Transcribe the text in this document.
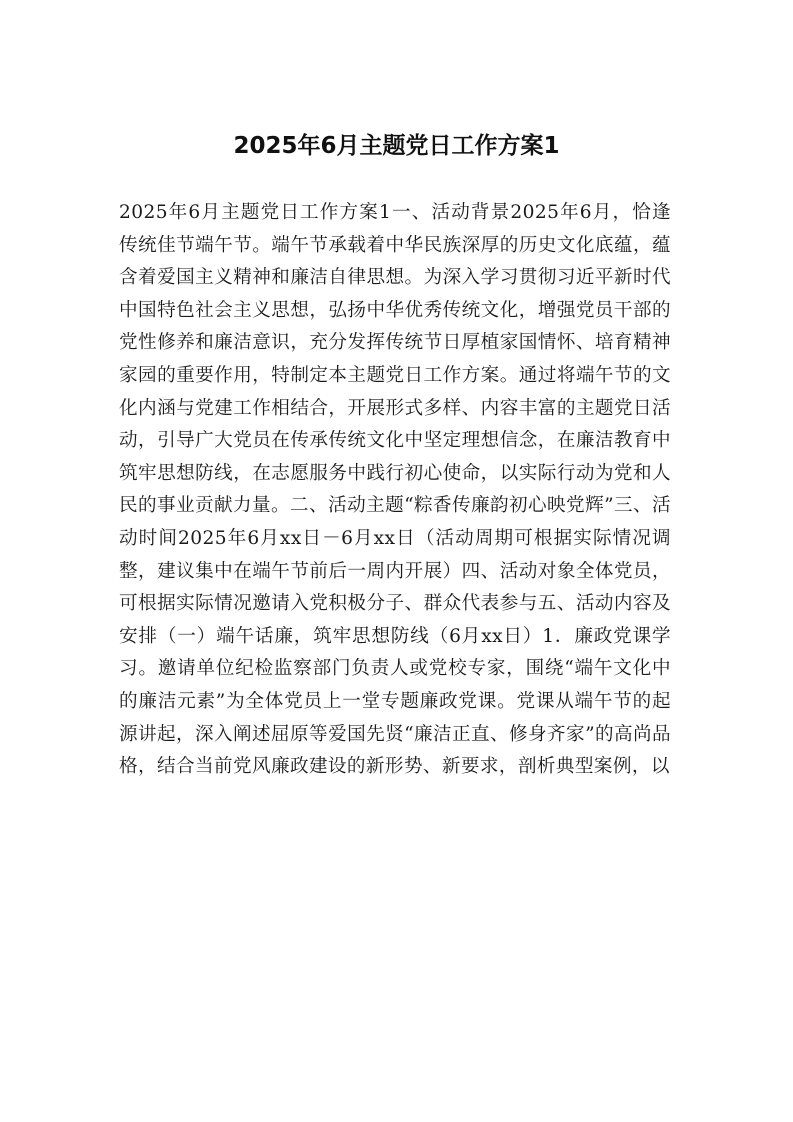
2025年6月主题党日工作方案1

2025年6月主题党日工作方案1一、活动背景2025年6月，恰逢传统佳节端午节。端午节承载着中华民族深厚的历史文化底蕴，蕴含着爱国主义精神和廉洁自律思想。为深入学习贯彻习近平新时代中国特色社会主义思想，弘扬中华优秀传统文化，增强党员干部的党性修养和廉洁意识，充分发挥传统节日厚植家国情怀、培育精神家园的重要作用，特制定本主题党日工作方案。通过将端午节的文化内涵与党建工作相结合，开展形式多样、内容丰富的主题党日活动，引导广大党员在传承传统文化中坚定理想信念，在廉洁教育中筑牢思想防线，在志愿服务中践行初心使命，以实际行动为党和人民的事业贡献力量。二、活动主题“粽香传廉韵初心映党辉”三、活动时间2025年6月xx日－6月xx日（活动周期可根据实际情况调整，建议集中在端午节前后一周内开展）四、活动对象全体党员，可根据实际情况邀请入党积极分子、群众代表参与五、活动内容及安排（一）端午话廉，筑牢思想防线（6月xx日）1．廉政党课学习。邀请单位纪检监察部门负责人或党校专家，围绕“端午文化中的廉洁元素”为全体党员上一堂专题廉政党课。党课从端午节的起源讲起，深入阐述屈原等爱国先贤“廉洁正直、修身齐家”的高尚品格，结合当前党风廉政建设的新形势、新要求，剖析典型案例，以
